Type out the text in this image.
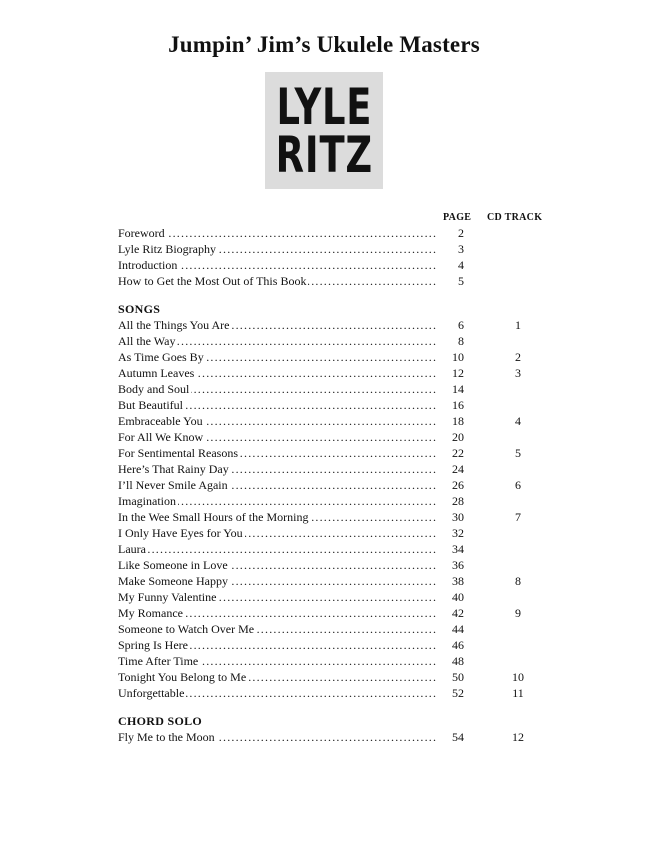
Jumpin’ Jim’s Ukulele Masters
LYLE
RITZ
PAGE CD TRACK
Foreword .....	2
Lyle Ritz Biography .....	3
Introduction .....	4
How to Get the Most Out of This Book .....	5
SONGS
All the Things You Are .....	6	1
All the Way .....	8
As Time Goes By .....	10	2
Autumn Leaves .....	12	3
Body and Soul .....	14
But Beautiful .....	16
Embraceable You .....	18	4
For All We Know .....	20
For Sentimental Reasons .....	22	5
Here’s That Rainy Day .....	24
I’ll Never Smile Again .....	26	6
Imagination .....	28
In the Wee Small Hours of the Morning .....	30	7
I Only Have Eyes for You .....	32
Laura .....	34
Like Someone in Love .....	36
Make Someone Happy .....	38	8
My Funny Valentine .....	40
My Romance .....	42	9
Someone to Watch Over Me .....	44
Spring Is Here .....	46
Time After Time .....	48
Tonight You Belong to Me .....	50	10
Unforgettable .....	52	11
CHORD SOLO
Fly Me to the Moon .....	54	12
